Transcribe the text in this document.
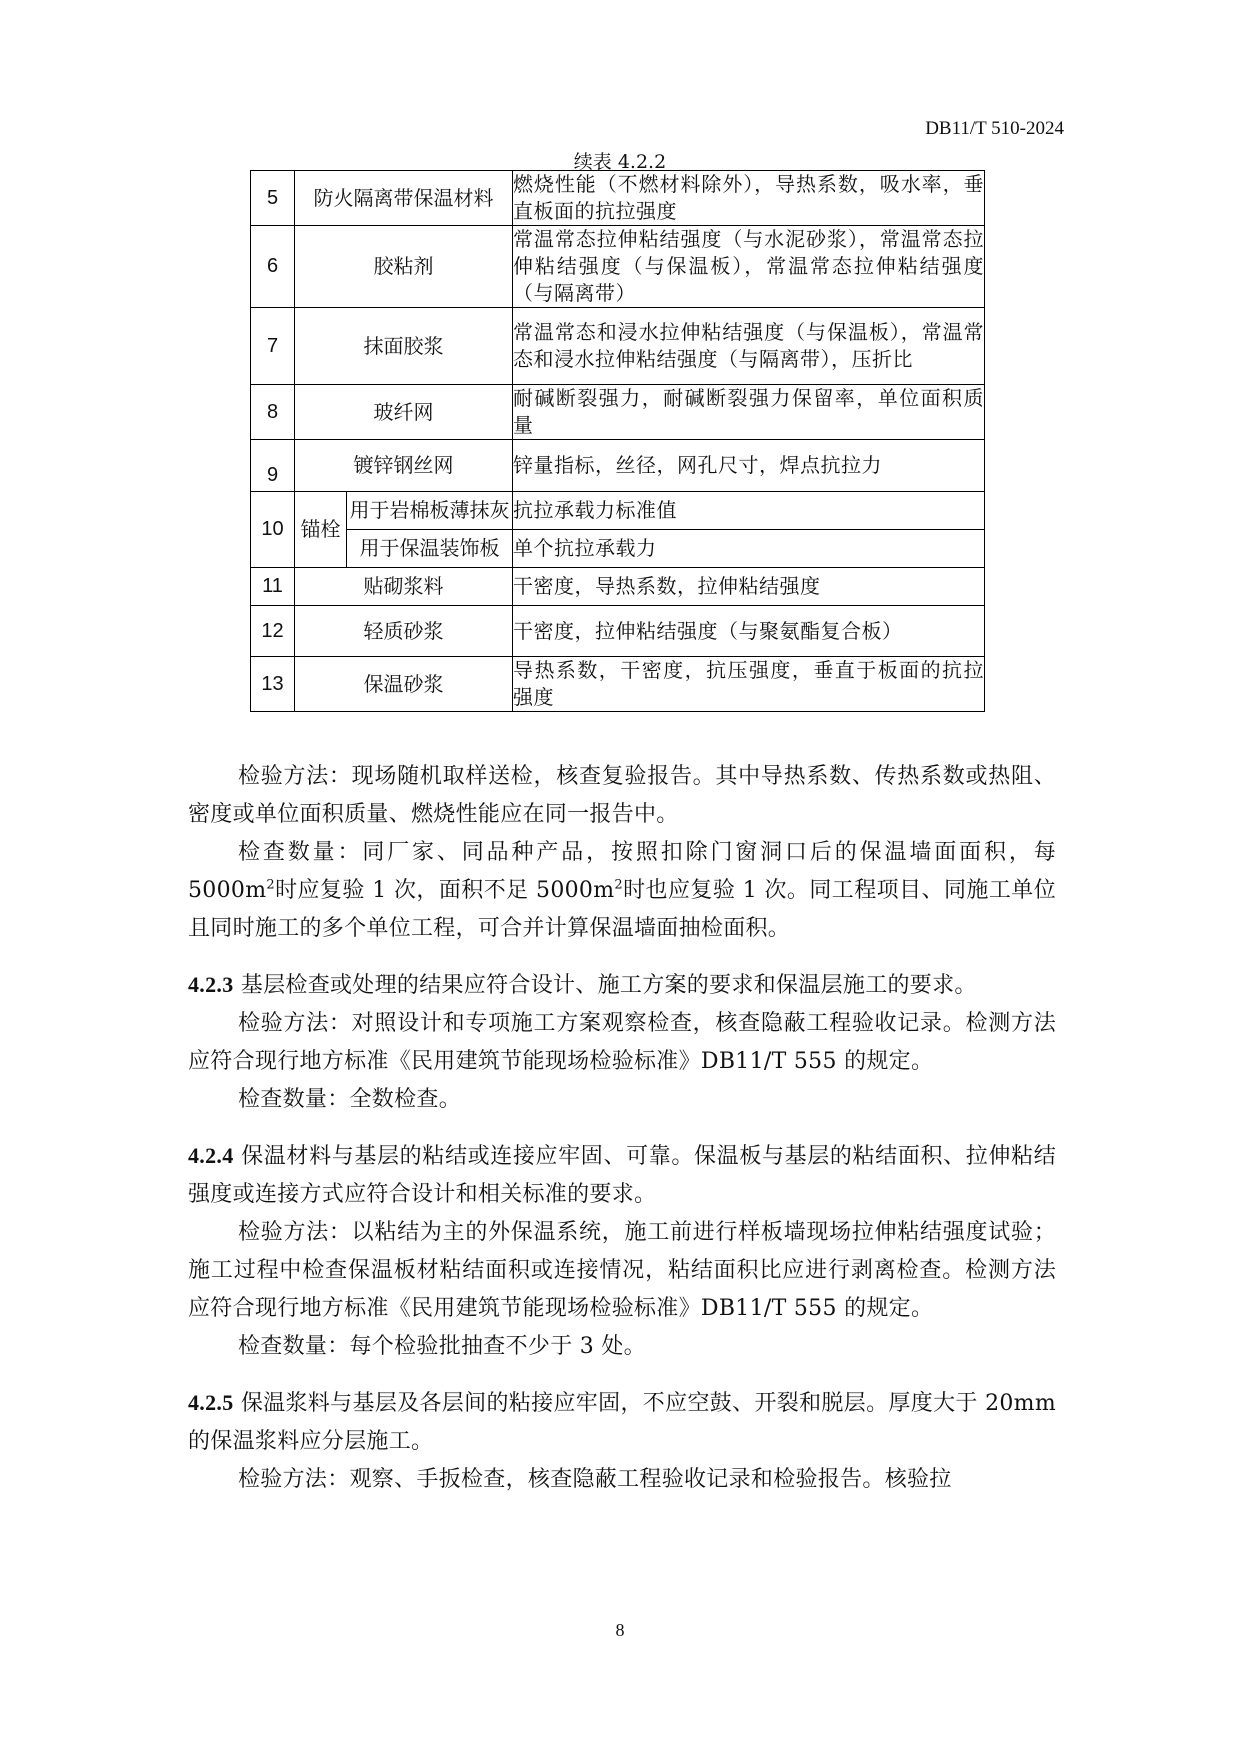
DB11/T 510-2024
续表 4.2.2
5	防火隔离带保温材料		燃烧性能（不燃材料除外），导热系数，吸水率，垂直板面的抗拉强度
6	胶粘剂		常温常态拉伸粘结强度（与水泥砂浆），常温常态拉伸粘结强度（与保温板），常温常态拉伸粘结强度（与隔离带）
7	抹面胶浆		常温常态和浸水拉伸粘结强度（与保温板），常温常态和浸水拉伸粘结强度（与隔离带），压折比
8	玻纤网		耐碱断裂强力，耐碱断裂强力保留率，单位面积质量
9	镀锌钢丝网		锌量指标，丝径，网孔尺寸，焊点抗拉力
10	锚栓	用于岩棉板薄抹灰	抗拉承载力标准值
		用于保温装饰板	单个抗拉承载力
11	贴砌浆料		干密度，导热系数，拉伸粘结强度
12	轻质砂浆		干密度，拉伸粘结强度（与聚氨酯复合板）
13	保温砂浆		导热系数，干密度，抗压强度，垂直于板面的抗拉强度
检验方法：现场随机取样送检，核查复验报告。其中导热系数、传热系数或热阻、密度或单位面积质量、燃烧性能应在同一报告中。
检查数量：同厂家、同品种产品，按照扣除门窗洞口后的保温墙面面积，每 $5000m^2$时应复验 1 次，面积不足 $5000m^2$时也应复验 1 次。同工程项目、同施工单位且同时施工的多个单位工程，可合并计算保温墙面抽检面积。
4.2.3 基层检查或处理的结果应符合设计、施工方案的要求和保温层施工的要求。
检验方法：对照设计和专项施工方案观察检查，核查隐蔽工程验收记录。检测方法应符合现行地方标准《民用建筑节能现场检验标准》DB11/T 555 的规定。
检查数量：全数检查。
4.2.4 保温材料与基层的粘结或连接应牢固、可靠。保温板与基层的粘结面积、拉伸粘结强度或连接方式应符合设计和相关标准的要求。
检验方法：以粘结为主的外保温系统，施工前进行样板墙现场拉伸粘结强度试验；施工过程中检查保温板材粘结面积或连接情况，粘结面积比应进行剥离检查。检测方法应符合现行地方标准《民用建筑节能现场检验标准》DB11/T 555 的规定。
检查数量：每个检验批抽查不少于 3 处。
4.2.5 保温浆料与基层及各层间的粘接应牢固，不应空鼓、开裂和脱层。厚度大于 20mm 的保温浆料应分层施工。
检验方法：观察、手扳检查，核查隐蔽工程验收记录和检验报告。核验拉
8
